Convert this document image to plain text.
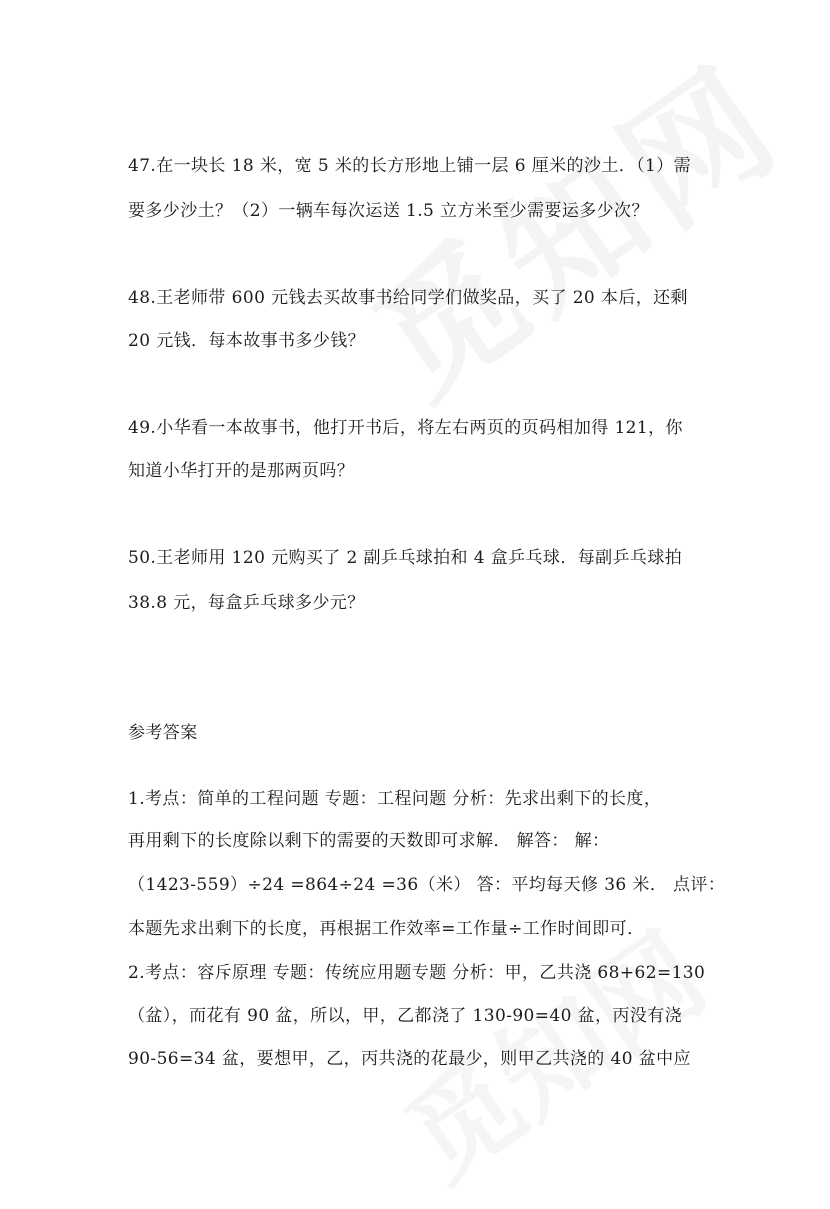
47.在一块长 18 米，宽 5 米的长方形地上铺一层 6 厘米的沙土．（1）需
要多少沙土？（2）一辆车每次运送 1.5 立方米至少需要运多少次？
48.王老师带 600 元钱去买故事书给同学们做奖品，买了 20 本后，还剩
20 元钱．每本故事书多少钱？
49.小华看一本故事书，他打开书后，将左右两页的页码相加得 121，你
知道小华打开的是那两页吗？
50.王老师用 120 元购买了 2 副乒乓球拍和 4 盒乒乓球．每副乒乓球拍
38.8 元，每盒乒乓球多少元？
参考答案
1.考点：简单的工程问题 专题：工程问题 分析：先求出剩下的长度，
再用剩下的长度除以剩下的需要的天数即可求解． 解答： 解：
（1423-559）÷24 =864÷24 =36（米） 答：平均每天修 36 米． 点评：
本题先求出剩下的长度，再根据工作效率=工作量÷工作时间即可．
2.考点：容斥原理 专题：传统应用题专题 分析：甲，乙共浇 68+62=130
（盆），而花有 90 盆，所以，甲，乙都浇了 130-90=40 盆，丙没有浇
90-56=34 盆，要想甲，乙，丙共浇的花最少，则甲乙共浇的 40 盆中应
